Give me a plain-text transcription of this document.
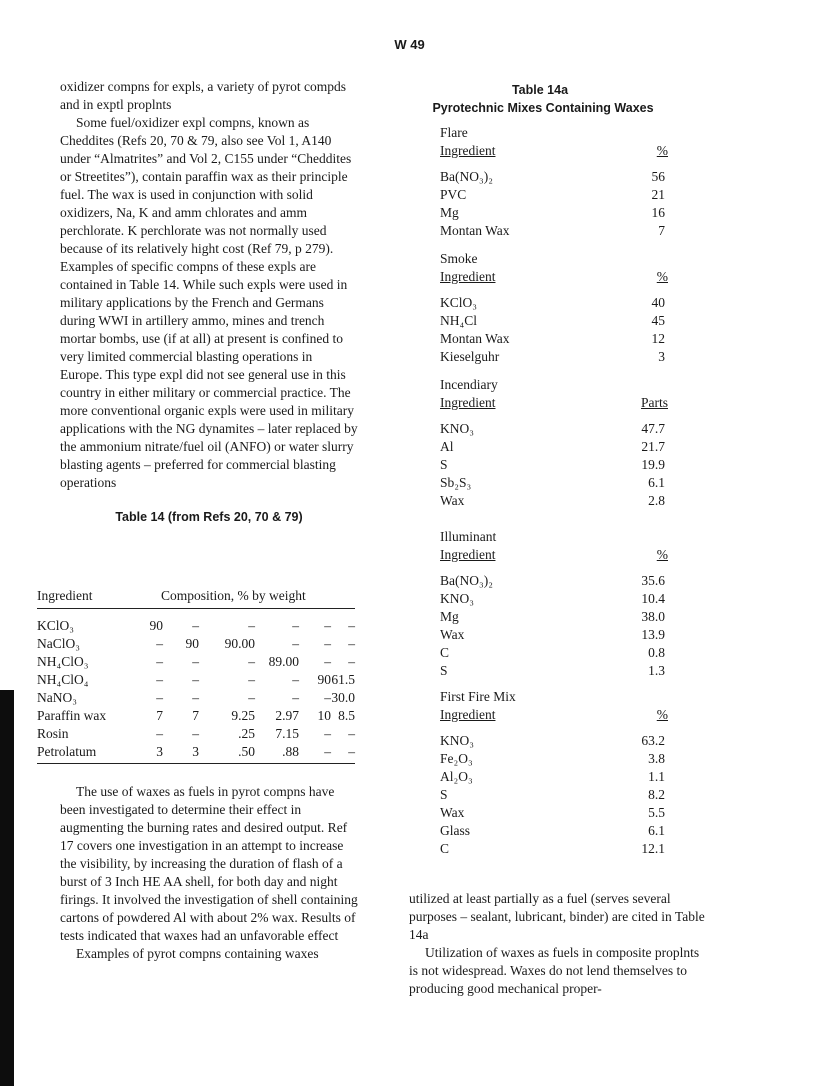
W 49

oxidizer compns for expls, a variety of pyrot compds and in exptl proplnts

Some fuel/oxidizer expl compns, known as Cheddites (Refs 20, 70 & 79, also see Vol 1, A140 under “Almatrites” and Vol 2, C155 under “Cheddites or Streetites”), contain paraffin wax as their principle fuel. The wax is used in conjunction with solid oxidizers, Na, K and amm chlorates and amm perchlorate. K perchlorate was not normally used because of its relatively hight cost (Ref 79, p 279). Examples of specific compns of these expls are contained in Table 14. While such expls were used in military applications by the French and Germans during WWI in artillery ammo, mines and trench mortar bombs, use (if at all) at present is confined to very limited commercial blasting operations in Europe. This type expl did not see general use in this country in either military or commercial practice. The more conventional organic expls were used in military applications with the NG dynamites – later replaced by the ammonium nitrate/fuel oil (ANFO) or water slurry blasting agents – preferred for commercial blasting operations

Table 14 (from Refs 20, 70 & 79)
Ingredient	Composition, % by weight
KClO₃	90	–	–	–	–	–
NaClO₃	–	90	90.00	–	–	–
NH₄ClO₃	–	–	–	89.00	–	–
NH₄ClO₄	–	–	–	–	90 61.5
NaNO₃	–	–	–	–	– 30.0
Paraffin wax	7	7	9.25	2.97	10 8.5
Rosin	–	–	.25	7.15	–	–
Petrolatum	3	3	.50	.88	–	–

The use of waxes as fuels in pyrot compns have been investigated to determine their effect in augmenting the burning rates and desired output. Ref 17 covers one investigation in an attempt to increase the visibility, by increasing the duration of flash of a burst of 3 Inch HE AA shell, for both day and night firings. It involved the investigation of shell containing cartons of powdered Al with about 2% wax. Results of tests indicated that waxes had an unfavorable effect

Examples of pyrot compns containing waxes

Table 14a
Pyrotechnic Mixes Containing Waxes

Flare

Ingredient	%
Ba(NO₃)₂	56
PVC	21
Mg	16
Montan Wax	7

Smoke

Ingredient	%
KClO₃	40
NH₄Cl	45
Montan Wax	12
Kieselguhr	3

Incendiary

Ingredient	Parts
KNO₃	47.7
Al	21.7
S	19.9
Sb₂S₃	6.1
Wax	2.8

Illuminant

Ingredient	%
Ba(NO₃)₂	35.6
KNO₃	10.4
Mg	38.0
Wax	13.9
C	0.8
S	1.3

First Fire Mix

Ingredient	%
KNO₃	63.2
Fe₂O₃	3.8
Al₂O₃	1.1
S	8.2
Wax	5.5
Glass	6.1
C	12.1

utilized at least partially as a fuel (serves several purposes – sealant, lubricant, binder) are cited in Table 14a

Utilization of waxes as fuels in composite proplnts is not widespread. Waxes do not lend themselves to producing good mechanical proper-
